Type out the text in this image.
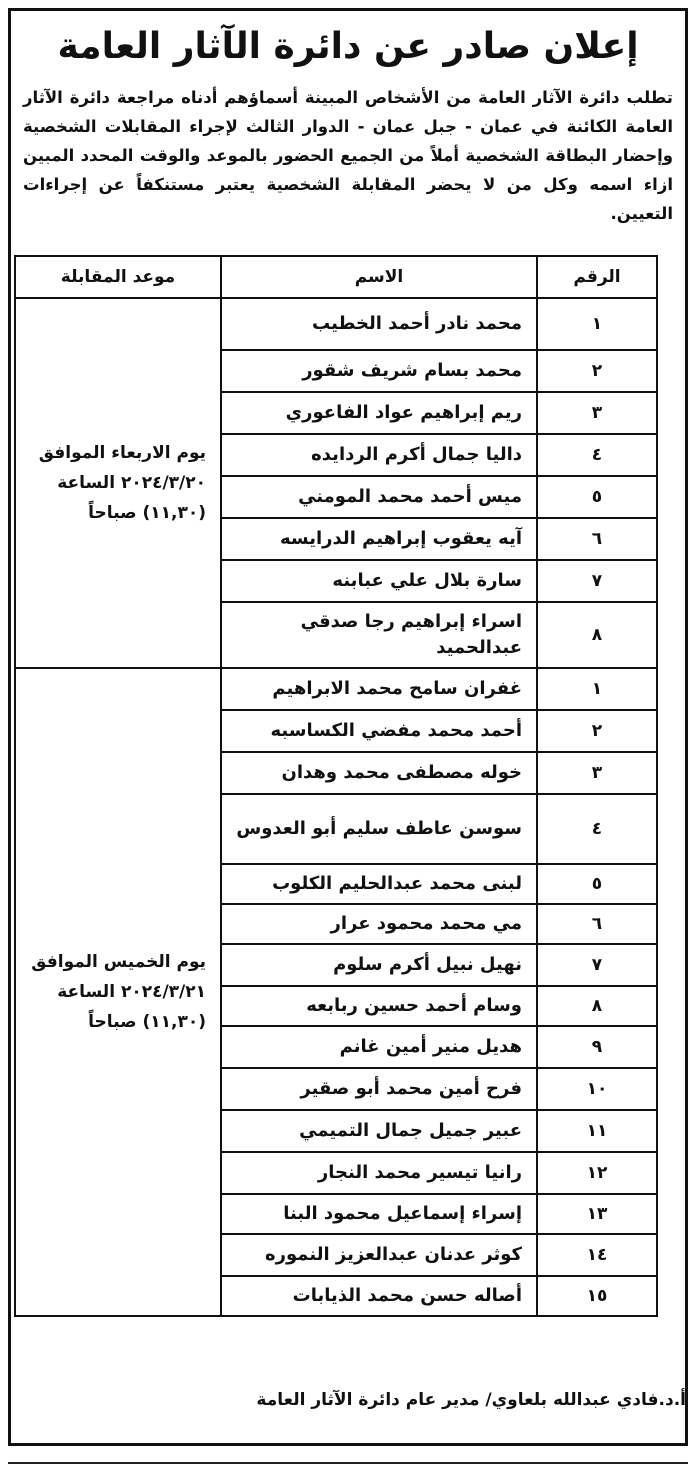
إعلان صادر عن دائرة الآثار العامة
تطلب دائرة الآثار العامة من الأشخاص المبينة أسماؤهم أدناه مراجعة دائرة الآثار العامة الكائنة في عمان - جبل عمان - الدوار الثالث لإجراء المقابلات الشخصية وإحضار البطاقة الشخصية أملاً من الجميع الحضور بالموعد والوقت المحدد المبين ازاء اسمه وكل من لا يحضر المقابلة الشخصية يعتبر مستنكفاً عن إجراءات التعيين.
الرقم	الاسم	موعد المقابلة
١	محمد نادر أحمد الخطيب	يوم الاربعاء الموافق ٢٠٢٤/٣/٢٠ الساعة (١١,٣٠) صباحاً
٢	محمد بسام شريف شقور	
٣	ريم إبراهيم عواد الفاعوري	
٤	داليا جمال أكرم الردايده	
٥	ميس أحمد محمد المومني	
٦	آيه يعقوب إبراهيم الدرايسه	
٧	سارة بلال علي عبابنه	
٨	اسراء إبراهيم رجا صدقي عبدالحميد	
١	غفران سامح محمد الابراهيم	يوم الخميس الموافق ٢٠٢٤/٣/٢١ الساعة (١١,٣٠) صباحاً
٢	أحمد محمد مفضي الكساسبه	
٣	خوله مصطفى محمد وهدان	
٤	سوسن عاطف سليم أبو العدوس	
٥	لبنى محمد عبدالحليم الكلوب	
٦	مي محمد محمود عرار	
٧	نهيل نبيل أكرم سلوم	
٨	وسام أحمد حسين ربابعه	
٩	هديل منير أمين غانم	
١٠	فرح أمين محمد أبو صقير	
١١	عبير جميل جمال التميمي	
١٢	رانيا تيسير محمد النجار	
١٣	إسراء إسماعيل محمود البنا	
١٤	كوثر عدنان عبدالعزيز النموره	
١٥	أصاله حسن محمد الذيابات	
أ.د.فادي عبدالله بلعاوي/ مدير عام دائرة الآثار العامة
